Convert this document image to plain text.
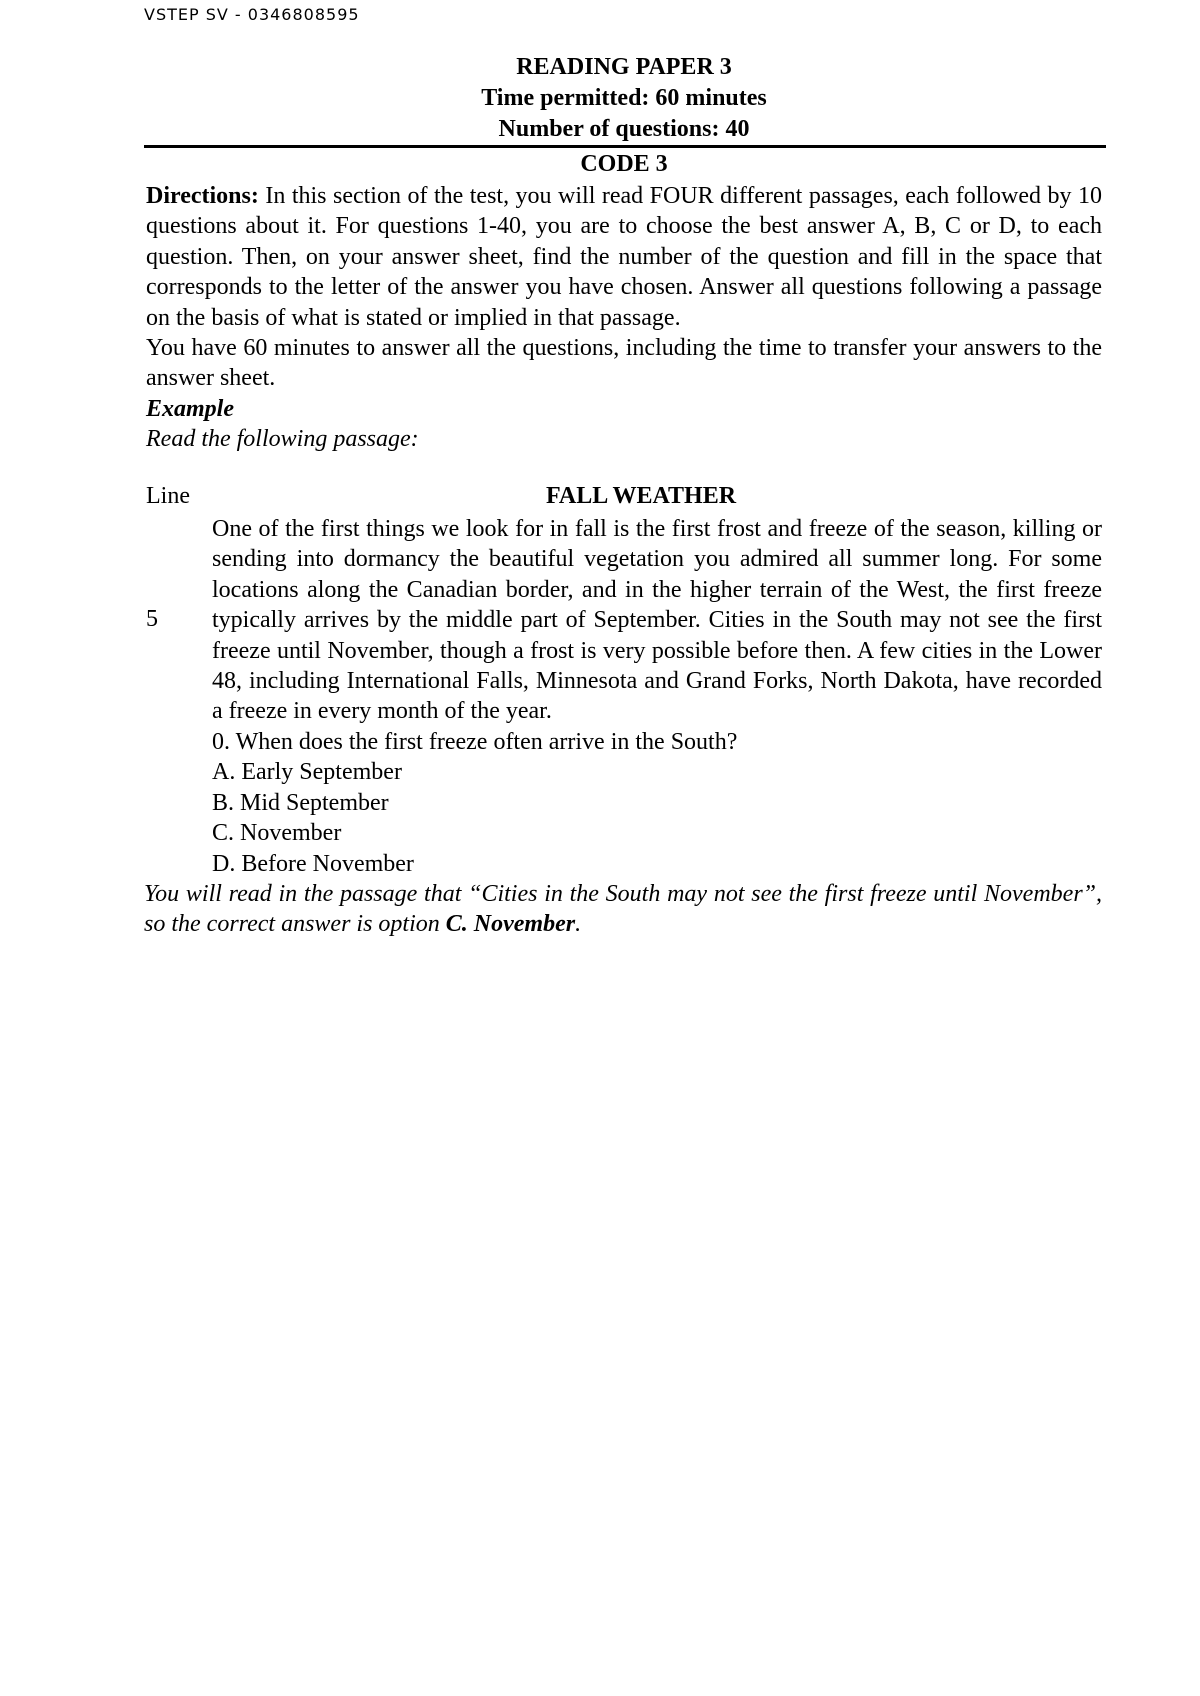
VSTEP SV - 0346808595
READING PAPER 3
Time permitted: 60 minutes
Number of questions: 40
CODE 3

Directions: In this section of the test, you will read FOUR different passages, each followed by 10 questions about it. For questions 1-40, you are to choose the best answer A, B, C or D, to each question. Then, on your answer sheet, find the number of the question and fill in the space that corresponds to the letter of the answer you have chosen. Answer all questions following a passage on the basis of what is stated or implied in that passage.

You have 60 minutes to answer all the questions, including the time to transfer your answers to the answer sheet.

Example

Read the following passage:

Line	FALL WEATHER

One of the first things we look for in fall is the first frost and freeze of the season, killing or sending into dormancy the beautiful vegetation you admired all summer long. For some locations along the Canadian border, and in the higher terrain of the West, the first freeze typically arrives by the middle part of September. Cities in the South may not see the first freeze until November, though a frost is very possible before then. A few cities in the Lower 48, including International Falls, Minnesota and Grand Forks, North Dakota, have recorded a freeze in every month of the year.

5
0. When does the first freeze often arrive in the South?
A. Early September
B. Mid September
C. November
D. Before November
You will read in the passage that “Cities in the South may not see the first freeze until November”, so the correct answer is option C. November.
